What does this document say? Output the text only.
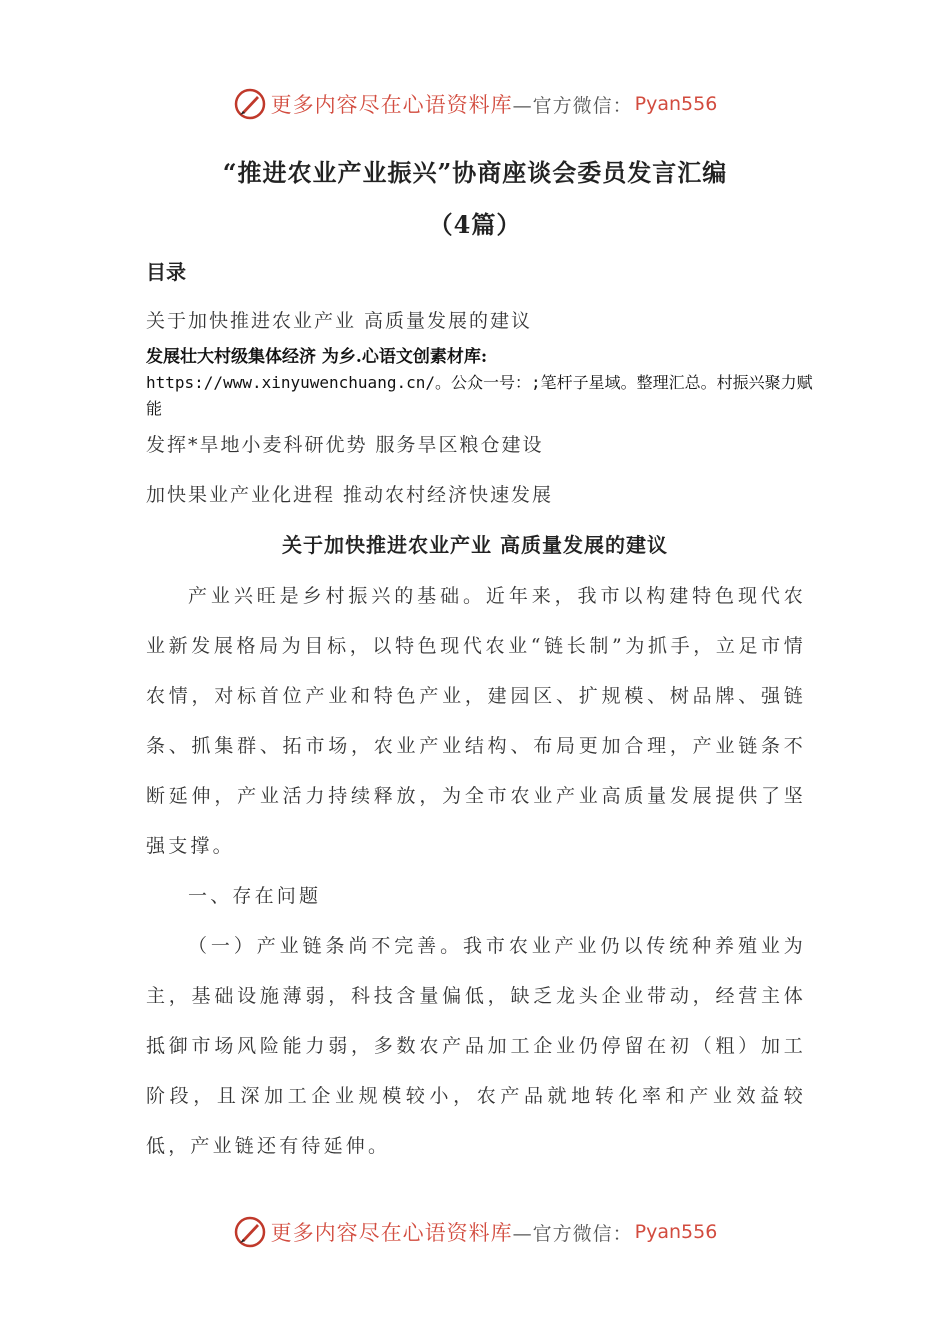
更多内容尽在心语资料库 —官方微信： Pyan556
“推进农业产业振兴”协商座谈会委员发言汇编
（4篇）
目录
关于加快推进农业产业 高质量发展的建议
发展壮大村级集体经济 为乡.心语文创素材库:
https://www.xinyuwenchuang.cn/。公众一号：;笔杆子星域。整理汇总。村振兴聚力赋能
发挥*旱地小麦科研优势 服务旱区粮仓建设
加快果业产业化进程 推动农村经济快速发展
关于加快推进农业产业 高质量发展的建议
产业兴旺是乡村振兴的基础。近年来，我市以构建特色现代农业新发展格局为目标，以特色现代农业“链长制”为抓手，立足市情农情，对标首位产业和特色产业，建园区、扩规模、树品牌、强链条、抓集群、拓市场，农业产业结构、布局更加合理，产业链条不断延伸，产业活力持续释放，为全市农业产业高质量发展提供了坚强支撑。
一、存在问题
（一）产业链条尚不完善。我市农业产业仍以传统种养殖业为主，基础设施薄弱，科技含量偏低，缺乏龙头企业带动，经营主体抵御市场风险能力弱，多数农产品加工企业仍停留在初（粗）加工阶段，且深加工企业规模较小，农产品就地转化率和产业效益较低，产业链还有待延伸。
更多内容尽在心语资料库 —官方微信： Pyan556
